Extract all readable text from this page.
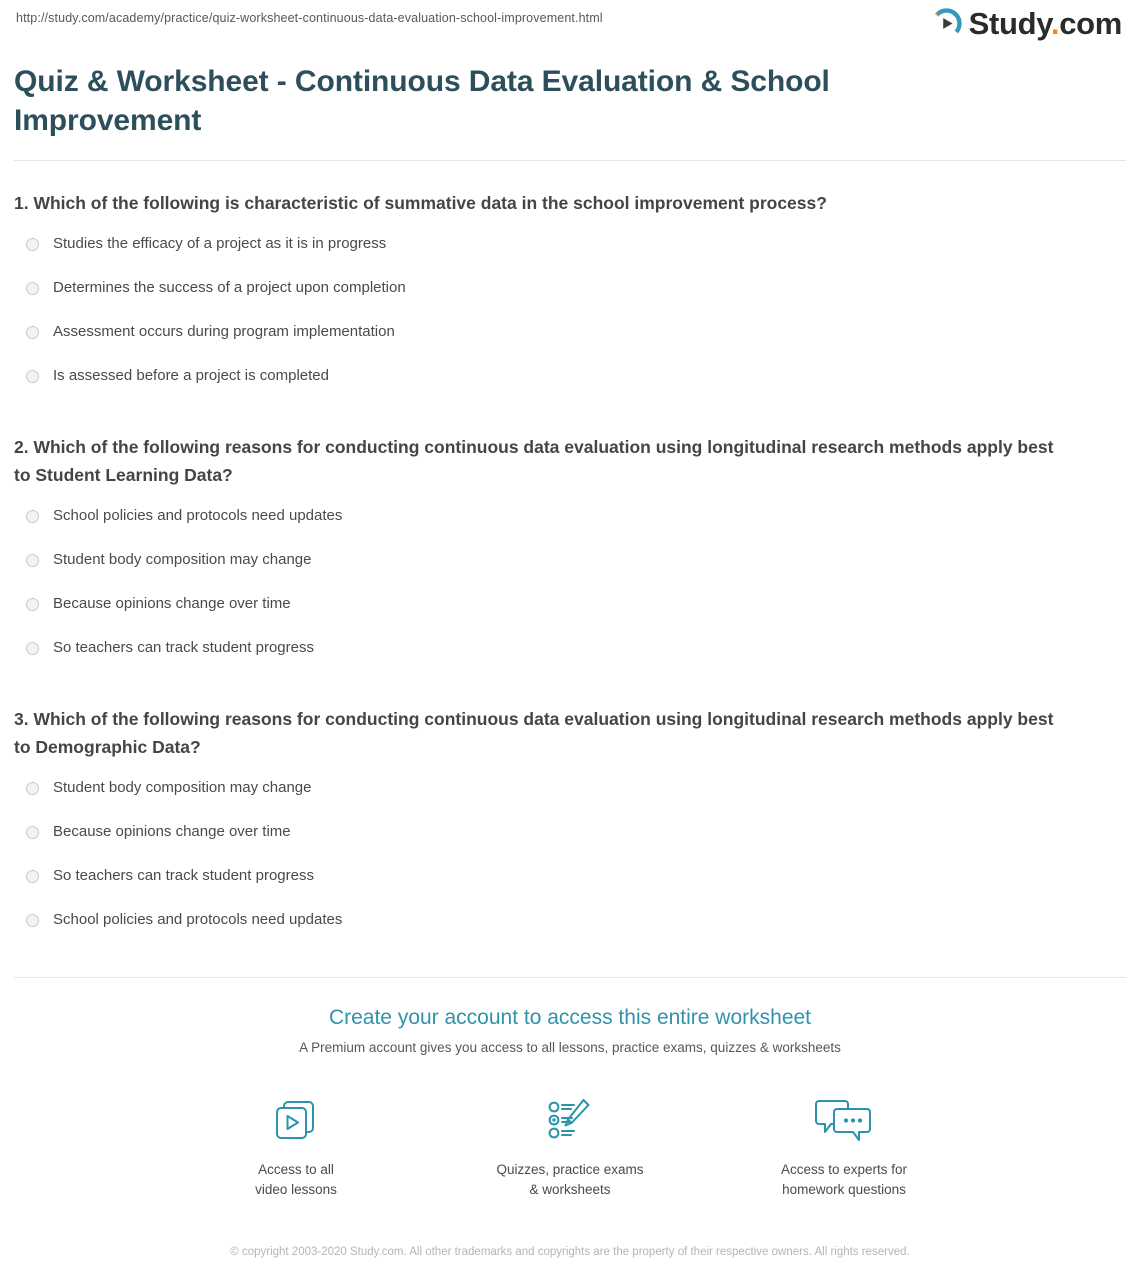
http://study.com/academy/practice/quiz-worksheet-continuous-data-evaluation-school-improvement.html	Study.com
Quiz & Worksheet - Continuous Data Evaluation & School Improvement

1. Which of the following is characteristic of summative data in the school improvement process?

Studies the efficacy of a project as it is in progress
Determines the success of a project upon completion
Assessment occurs during program implementation
Is assessed before a project is completed

2. Which of the following reasons for conducting continuous data evaluation using longitudinal research methods apply best to Student Learning Data?

School policies and protocols need updates
Student body composition may change
Because opinions change over time
So teachers can track student progress

3. Which of the following reasons for conducting continuous data evaluation using longitudinal research methods apply best to Demographic Data?

Student body composition may change
Because opinions change over time
So teachers can track student progress
School policies and protocols need updates
Create your account to access this entire worksheet

A Premium account gives you access to all lessons, practice exams, quizzes & worksheets

Access to all
video lessons
Quizzes, practice exams
& worksheets
Access to experts for
homework questions
© copyright 2003-2020 Study.com. All other trademarks and copyrights are the property of their respective owners. All rights reserved.
